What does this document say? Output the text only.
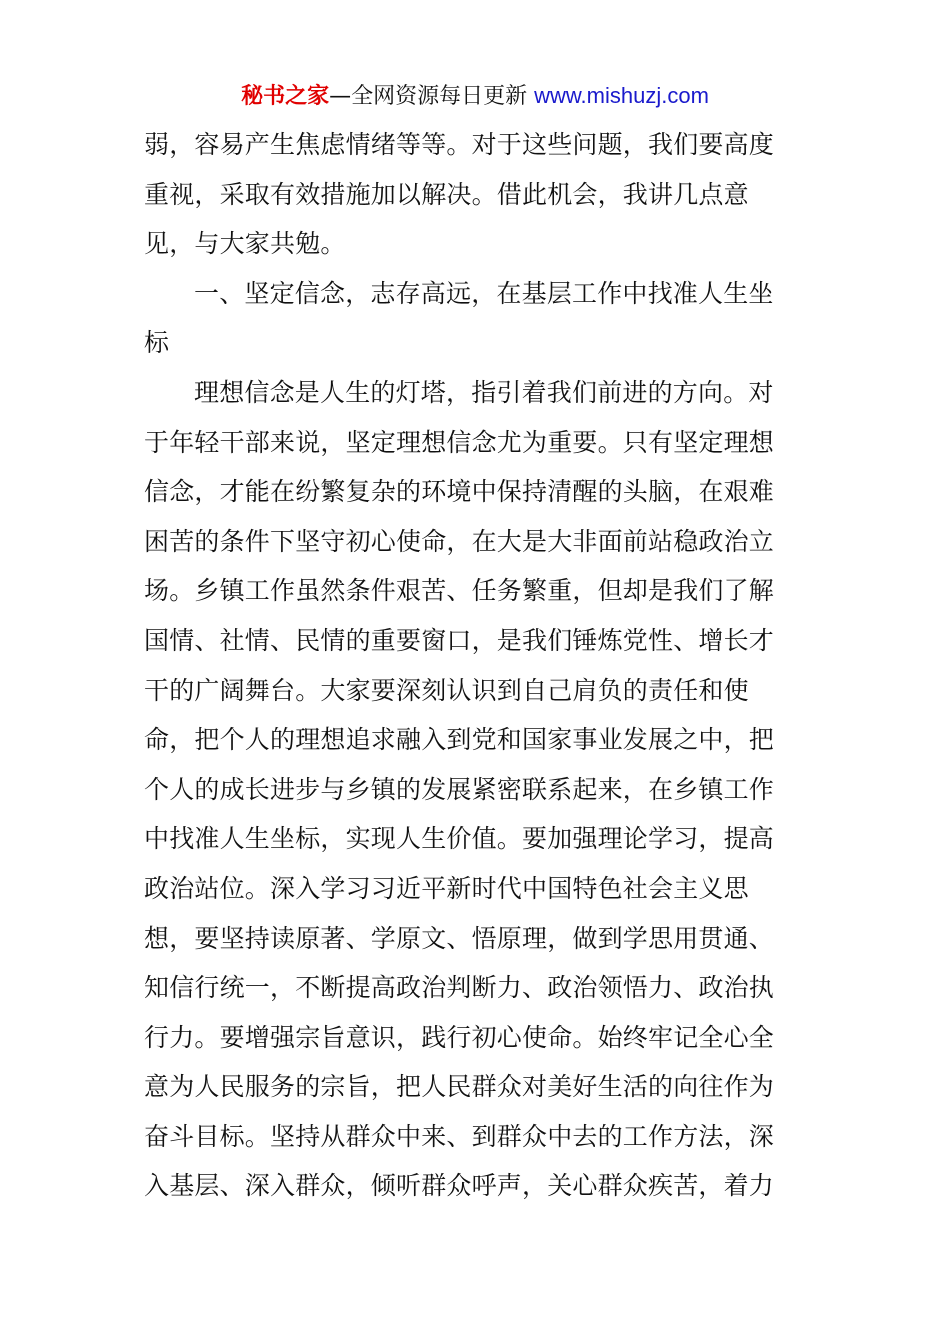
秘书之家—全网资源每日更新 www.mishuzj.com
弱，容易产生焦虑情绪等等。对于这些问题，我们要高度
重视，采取有效措施加以解决。借此机会，我讲几点意
见，与大家共勉。
一、坚定信念，志存高远，在基层工作中找准人生坐
标
理想信念是人生的灯塔，指引着我们前进的方向。对
于年轻干部来说，坚定理想信念尤为重要。只有坚定理想
信念，才能在纷繁复杂的环境中保持清醒的头脑，在艰难
困苦的条件下坚守初心使命，在大是大非面前站稳政治立
场。乡镇工作虽然条件艰苦、任务繁重，但却是我们了解
国情、社情、民情的重要窗口，是我们锤炼党性、增长才
干的广阔舞台。大家要深刻认识到自己肩负的责任和使
命，把个人的理想追求融入到党和国家事业发展之中，把
个人的成长进步与乡镇的发展紧密联系起来，在乡镇工作
中找准人生坐标，实现人生价值。要加强理论学习，提高
政治站位。深入学习习近平新时代中国特色社会主义思
想，要坚持读原著、学原文、悟原理，做到学思用贯通、
知信行统一，不断提高政治判断力、政治领悟力、政治执
行力。要增强宗旨意识，践行初心使命。始终牢记全心全
意为人民服务的宗旨，把人民群众对美好生活的向往作为
奋斗目标。坚持从群众中来、到群众中去的工作方法，深
入基层、深入群众，倾听群众呼声，关心群众疾苦，着力
